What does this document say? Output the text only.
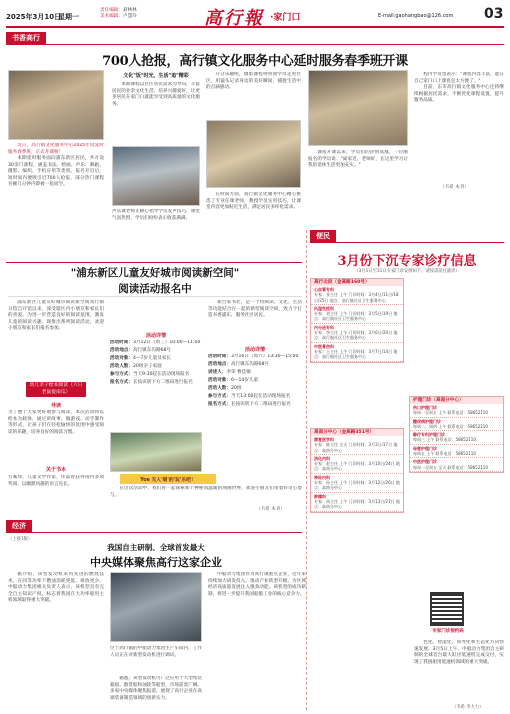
2025年3月10日
星期一
责任编辑：聂林林
美术编辑：卢慧玲	高行報 ·家门口	E-mail:gaohangbao@126.com 03
书香高行
700人抢报，高行镇文化服务中心延时服务春季班开课

近日，高行镇文化服务中心2025年度延时服务春季班，正式开课啦！

本期延时服务面向浦东新区居民，共开设30余门课程，涵盖书法、绘画、声乐、舞蹈、摄影、编织、手机应用等类别。报名开启后，短时间内便吸引近700人抢报，部分热门课程名额几分钟内即被一抢而空。

文化"饭"时光，生活"追"精彩

本期课程以社区居民需求为导向，丰富居民的业余文化生活，培养兴趣爱好，让更多居民在家门口就能享受到高质量的文化服务。

声乐课老师正耐心指导学员发声技巧，课堂气氛热烈，学员们纷纷表示收获满满。

升分乐趣呢，摄影课程则带领学员走进社区，用镜头记录身边的美好瞬间，捕捉生活中的点滴感动。

在时尚方面，高行镇文化服务中心精心挑选了专业任课老师，教授学员实用技巧，让课堂内容更加贴近生活，满足居民多样化需求。

课程开课以来，学员们的热情高涨，一位刚报名的学员说："离家近，老师好，在这里学习让我的退休生活更加充实。"

程内学员也表示："课程内容丰富，能在自己家门口上课真是太方便了。"

目前，东市高行镇文化服务中心还将继续根据居民需求，不断优化课程设置，提升服务品质。

（韦希 本刊）
便民
3月份下沉专家诊疗信息
（3月1日至31日专家门诊安排如下，请按需前往就诊）
高行北段（金高路160号）
心血管专科
专家：张主任 上午 门诊时间：3月4日/11日/18日/25日 地点：高行镇社区卫生服务中心
风湿免疫科
专家：刘主任 上午 门诊时间：3月5日/19日 地点：高行镇社区卫生服务中心
内分泌专科
专家：李主任 上午 门诊时间：3月6日/20日 地点：高行镇社区卫生服务中心
中医骨伤科
专家：王主任 上午 门诊时间：3月7日/14日 地点：高行镇社区卫生服务中心
高南分中心（金高路351号）
康复医学科
专家：陈主任 全天 门诊时间：3月3日/17日 地点：高南分中心
消化内科
专家：赵主任 上午 门诊时间：3月10日/24日 地点：高南分中心
神经内科
专家：孙主任 上午 门诊时间：3月12日/26日 地点：高南分中心
肿瘤科
专家：周主任 上午 门诊时间：3月13日/27日 地点：高南分中心
护理门诊（高南分中心）
伤口护理门诊
每周一至周五 上午 联系电话：58652110
糖尿病护理门诊
每周二、周四 上午 联系电话：58652110
静疗专科护理门诊
每周三 上午 联系电话：58652110
母婴护理门诊
每周五 上午 联系电话：58652110
中医护理门诊
每周一至周五 全天 联系电话：58652110
专家门诊预约码
"浦东新区儿童友好城市阅读新空间"
阅读活动报名中

浦东新区儿童友好城市阅读新空间高行镇分馆自开馆以来，深受辖区内小朋友和家长们的喜爱。为进一步营造良好的阅读氛围，激发儿童的阅读兴趣，现推出系列阅读活动，欢迎小朋友和家长们报名参加。

幼儿亲子绘本阅读（六只老鼠捉南瓜）
导读
为了便于大家更好地参与阅读，本次活动将以绘本为载体，通过讲故事、做游戏、动手制作等形式，让孩子们在轻松愉快的氛围中感受阅读的乐趣，培养良好的阅读习惯。
关于书本
方素珍，儿童文学作家，作品曾获得国内多项奖项，以幽默风趣的语言见长。
活动详情
活动时间：3月12日（周三）10:00—11:00
活动地点：高行镇东沟路68号
活动对象：4—7岁儿童及家长
活动人数：20组亲子家庭
参与方式：当天9:30起在活动现场报名
报名方式：长按识别下方二维码进行报名

新百家书社，是一个将阅读、文化、生活等功能结合在一起的新型阅读空间，致力于打造书香浦东，服务社区居民。

活动详情
活动时间：3月16日（周六）13:30—15:00
活动地点：高行镇东沟路68号
讲述人：李荣 曹佳嫄
活动对象：6—14岁儿童
活动人数：20组
参与方式：当天13:00起在活动现场报名
报名方式：长按识别下方二维码进行报名
Yoe 无人'喵'的'玩'乐吧！

在这次活动中，我们将一起探索那个神秘而温暖的图画世界，欢迎小朋友们带着好奇心参与。

（韦希 本刊）
经济
（上接1版）
我国自主研制、全球首发最大
中央媒体聚焦高行这家企业

据介绍，该型发动机采用先进的燃烧技术，在同等功率下燃油消耗更低、排放更少。中船动力集团相关负责人表示，该机型具有完全自主知识产权，标志着我国在大功率船用主机领域取得重大突破。

位于高行镇的中船动力集团生产车间内，工作人员正在对新型发动机进行调试。

据悉，该型发动机可广泛应用于大型集装箱船、散货船和油轮等船型，市场前景广阔。多家中央媒体聚焦报道，展现了高行企业在高端装备制造领域的创新实力。

中船动力集团作为高行镇重点企业，近年来持续加大研发投入，推动产业转型升级，为区域经济高质量发展注入强劲动能。该机型的成功研制，将进一步提升我国船舶工业的核心竞争力。

色化、智能化、同寿化和生态化方向快速发展。3月5日上午，中船动力集团自主研制的全球首台最大缸径低速机完成交付，实现了我国船用低速机领域的重大突破。

（韦希 李大力）
